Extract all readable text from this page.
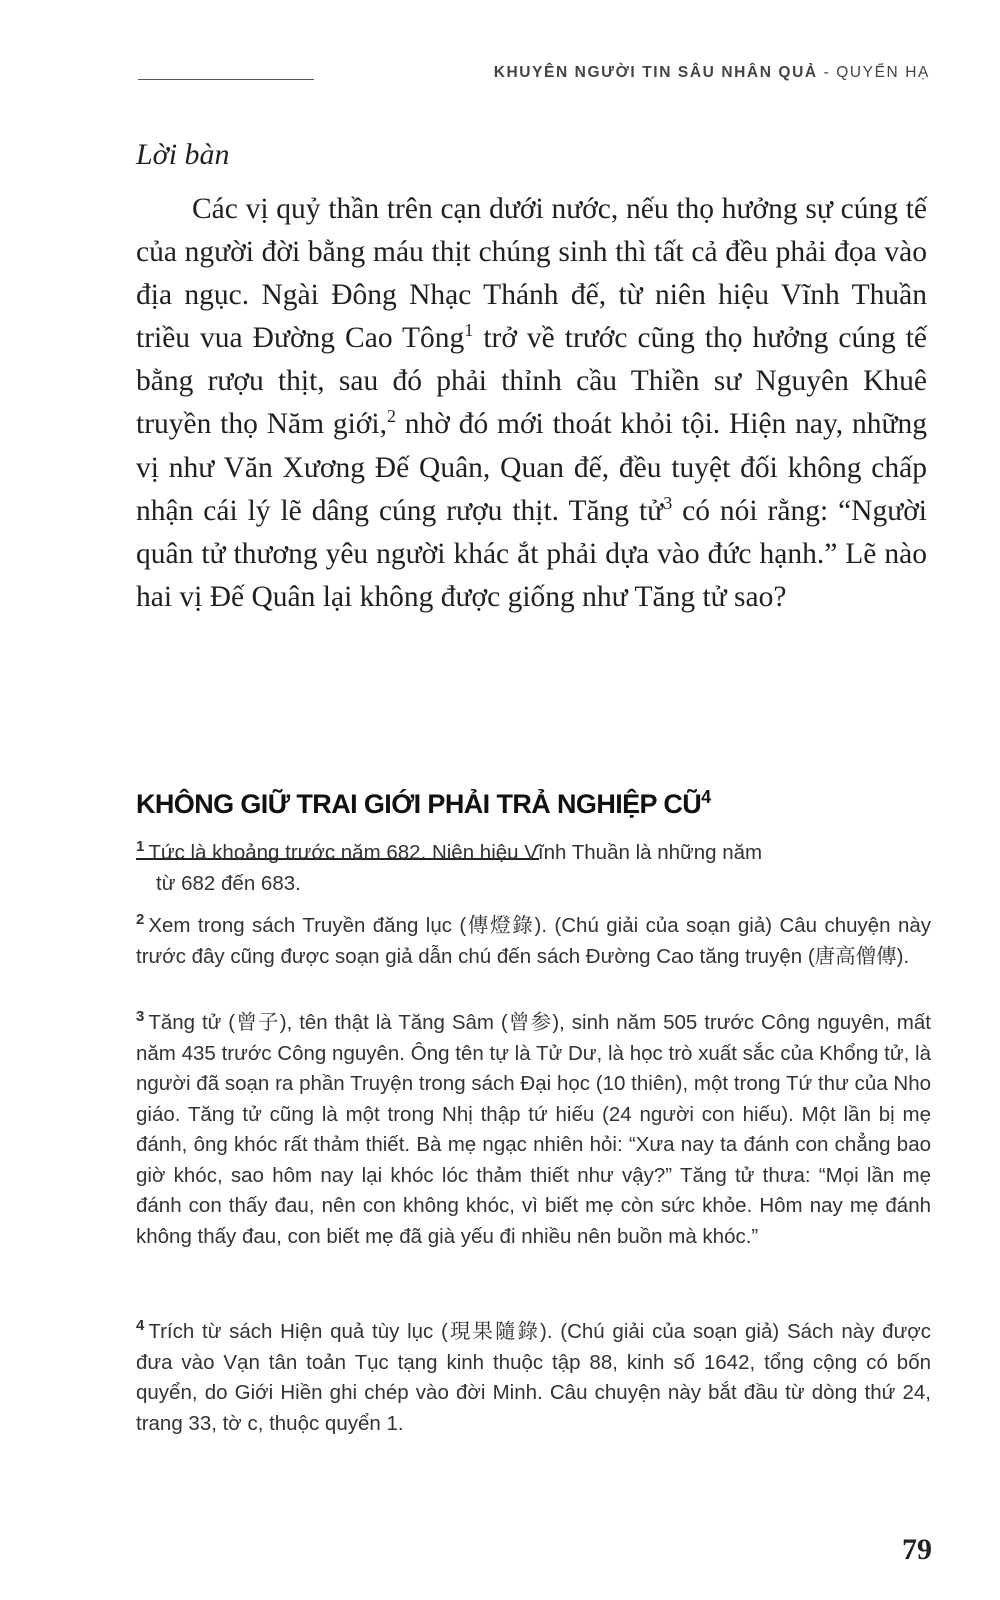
KHUYÊN NGƯỜI TIN SÂU NHÂN QUẢ - QUYỂN HẠ
Lời bàn

Các vị quỷ thần trên cạn dưới nước, nếu thọ hưởng sự cúng tế của người đời bằng máu thịt chúng sinh thì tất cả đều phải đọa vào địa ngục. Ngài Đông Nhạc Thánh đế, từ niên hiệu Vĩnh Thuần triều vua Đường Cao Tông$^1$ trở về trước cũng thọ hưởng cúng tế bằng rượu thịt, sau đó phải thỉnh cầu Thiền sư Nguyên Khuê truyền thọ Năm giới,$^2$ nhờ đó mới thoát khỏi tội. Hiện nay, những vị như Văn Xương Đế Quân, Quan đế, đều tuyệt đối không chấp nhận cái lý lẽ dâng cúng rượu thịt. Tăng tử$^3$ có nói rằng: “Người quân tử thương yêu người khác ắt phải dựa vào đức hạnh.” Lẽ nào hai vị Đế Quân lại không được giống như Tăng tử sao?

KHÔNG GIỮ TRAI GIỚI PHẢI TRẢ NGHIỆP CŨ$^4$

$^1$ Tức là khoảng trước năm 682. Niên hiệu Vĩnh Thuần là những năm
từ 682 đến 683.

$^2$ Xem trong sách Truyền đăng lục (傳燈錄). (Chú giải của soạn giả) Câu chuyện này trước đây cũng được soạn giả dẫn chú đến sách Đường Cao tăng truyện (唐高僧傳).

$^3$ Tăng tử (曾子), tên thật là Tăng Sâm (曾参), sinh năm 505 trước Công nguyên, mất năm 435 trước Công nguyên. Ông tên tự là Tử Dư, là học trò xuất sắc của Khổng tử, là người đã soạn ra phần Truyện trong sách Đại học (10 thiên), một trong Tứ thư của Nho giáo. Tăng tử cũng là một trong Nhị thập tứ hiếu (24 người con hiếu). Một lần bị mẹ đánh, ông khóc rất thảm thiết. Bà mẹ ngạc nhiên hỏi: “Xưa nay ta đánh con chẳng bao giờ khóc, sao hôm nay lại khóc lóc thảm thiết như vậy?” Tăng tử thưa: “Mọi lần mẹ đánh con thấy đau, nên con không khóc, vì biết mẹ còn sức khỏe. Hôm nay mẹ đánh không thấy đau, con biết mẹ đã già yếu đi nhiều nên buồn mà khóc.”

$^4$ Trích từ sách Hiện quả tùy lục (現果隨錄). (Chú giải của soạn giả) Sách này được đưa vào Vạn tân toản Tục tạng kinh thuộc tập 88, kinh số 1642, tổng cộng có bốn quyển, do Giới Hiền ghi chép vào đời Minh. Câu chuyện này bắt đầu từ dòng thứ 24, trang 33, tờ c, thuộc quyển 1.

79
